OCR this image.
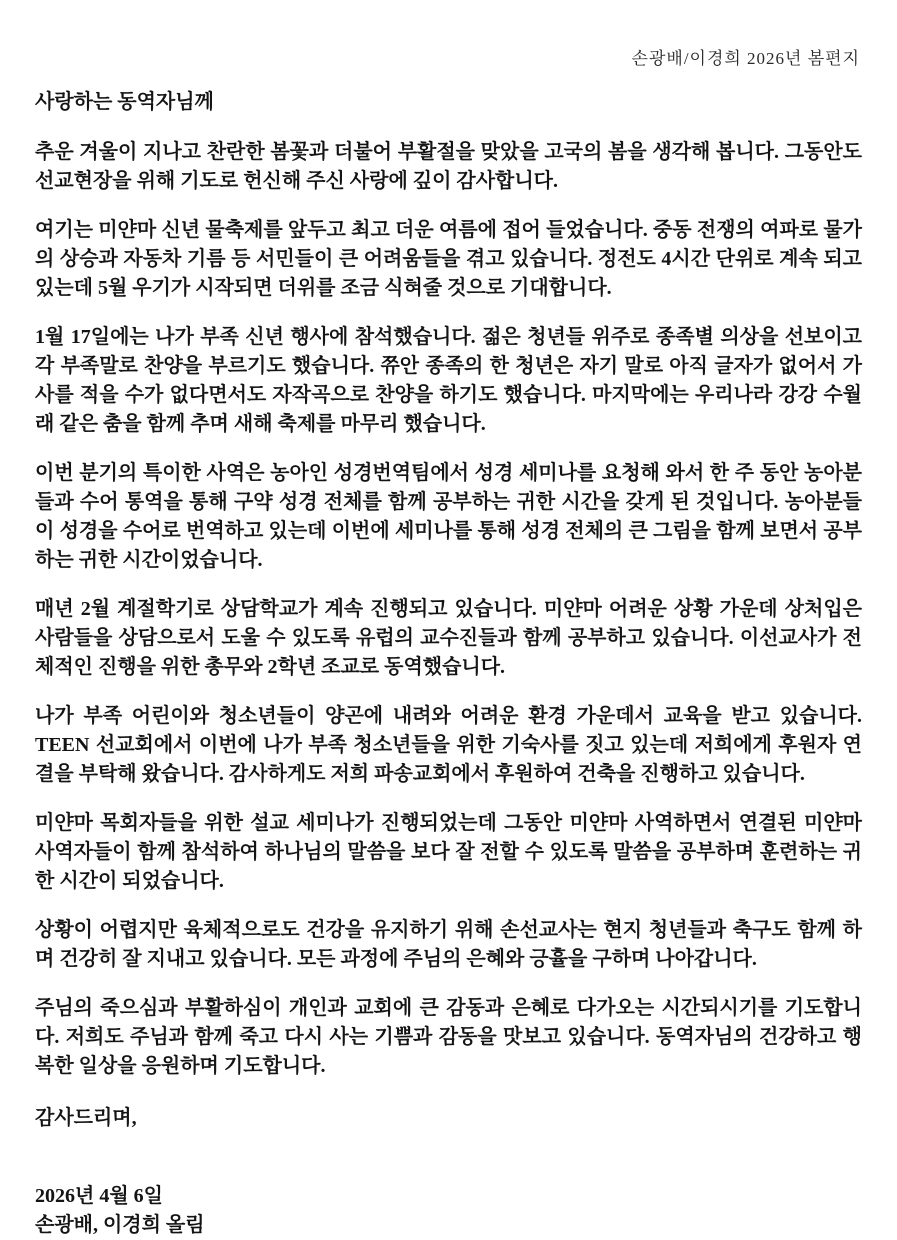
손광배/이경희 2026년 봄편지
사랑하는 동역자님께

추운 겨울이 지나고 찬란한 봄꽃과 더불어 부활절을 맞았을 고국의 봄을 생각해 봅니다. 그동안도 선교현장을 위해 기도로 헌신해 주신 사랑에 깊이 감사합니다.

여기는 미얀마 신년 물축제를 앞두고 최고 더운 여름에 접어 들었습니다. 중동 전쟁의 여파로 물가의 상승과 자동차 기름 등 서민들이 큰 어려움들을 겪고 있습니다. 정전도 4시간 단위로 계속 되고 있는데 5월 우기가 시작되면 더위를 조금 식혀줄 것으로 기대합니다.

1월 17일에는 나가 부족 신년 행사에 참석했습니다. 젊은 청년들 위주로 종족별 의상을 선보이고 각 부족말로 찬양을 부르기도 했습니다. 쮸안 종족의 한 청년은 자기 말로 아직 글자가 없어서 가사를 적을 수가 없다면서도 자작곡으로 찬양을 하기도 했습니다. 마지막에는 우리나라 강강 수월래 같은 춤을 함께 추며 새해 축제를 마무리 했습니다.

이번 분기의 특이한 사역은 농아인 성경번역팀에서 성경 세미나를 요청해 와서 한 주 동안 농아분들과 수어 통역을 통해 구약 성경 전체를 함께 공부하는 귀한 시간을 갖게 된 것입니다. 농아분들이 성경을 수어로 번역하고 있는데 이번에 세미나를 통해 성경 전체의 큰 그림을 함께 보면서 공부하는 귀한 시간이었습니다.

매년 2월 계절학기로 상담학교가 계속 진행되고 있습니다. 미얀마 어려운 상황 가운데 상처입은 사람들을 상담으로서 도울 수 있도록 유럽의 교수진들과 함께 공부하고 있습니다. 이선교사가 전체적인 진행을 위한 총무와 2학년 조교로 동역했습니다.

나가 부족 어린이와 청소년들이 양곤에 내려와 어려운 환경 가운데서 교육을 받고 있습니다. TEEN 선교회에서 이번에 나가 부족 청소년들을 위한 기숙사를 짓고 있는데 저희에게 후원자 연결을 부탁해 왔습니다. 감사하게도 저희 파송교회에서 후원하여 건축을 진행하고 있습니다.

미얀마 목회자들을 위한 설교 세미나가 진행되었는데 그동안 미얀마 사역하면서 연결된 미얀마 사역자들이 함께 참석하여 하나님의 말씀을 보다 잘 전할 수 있도록 말씀을 공부하며 훈련하는 귀한 시간이 되었습니다.

상황이 어렵지만 육체적으로도 건강을 유지하기 위해 손선교사는 현지 청년들과 축구도 함께 하며 건강히 잘 지내고 있습니다. 모든 과정에 주님의 은혜와 긍휼을 구하며 나아갑니다.

주님의 죽으심과 부활하심이 개인과 교회에 큰 감동과 은혜로 다가오는 시간되시기를 기도합니다. 저희도 주님과 함께 죽고 다시 사는 기쁨과 감동을 맛보고 있습니다. 동역자님의 건강하고 행복한 일상을 응원하며 기도합니다.

감사드리며,
2026년 4월 6일
손광배, 이경희 올림
